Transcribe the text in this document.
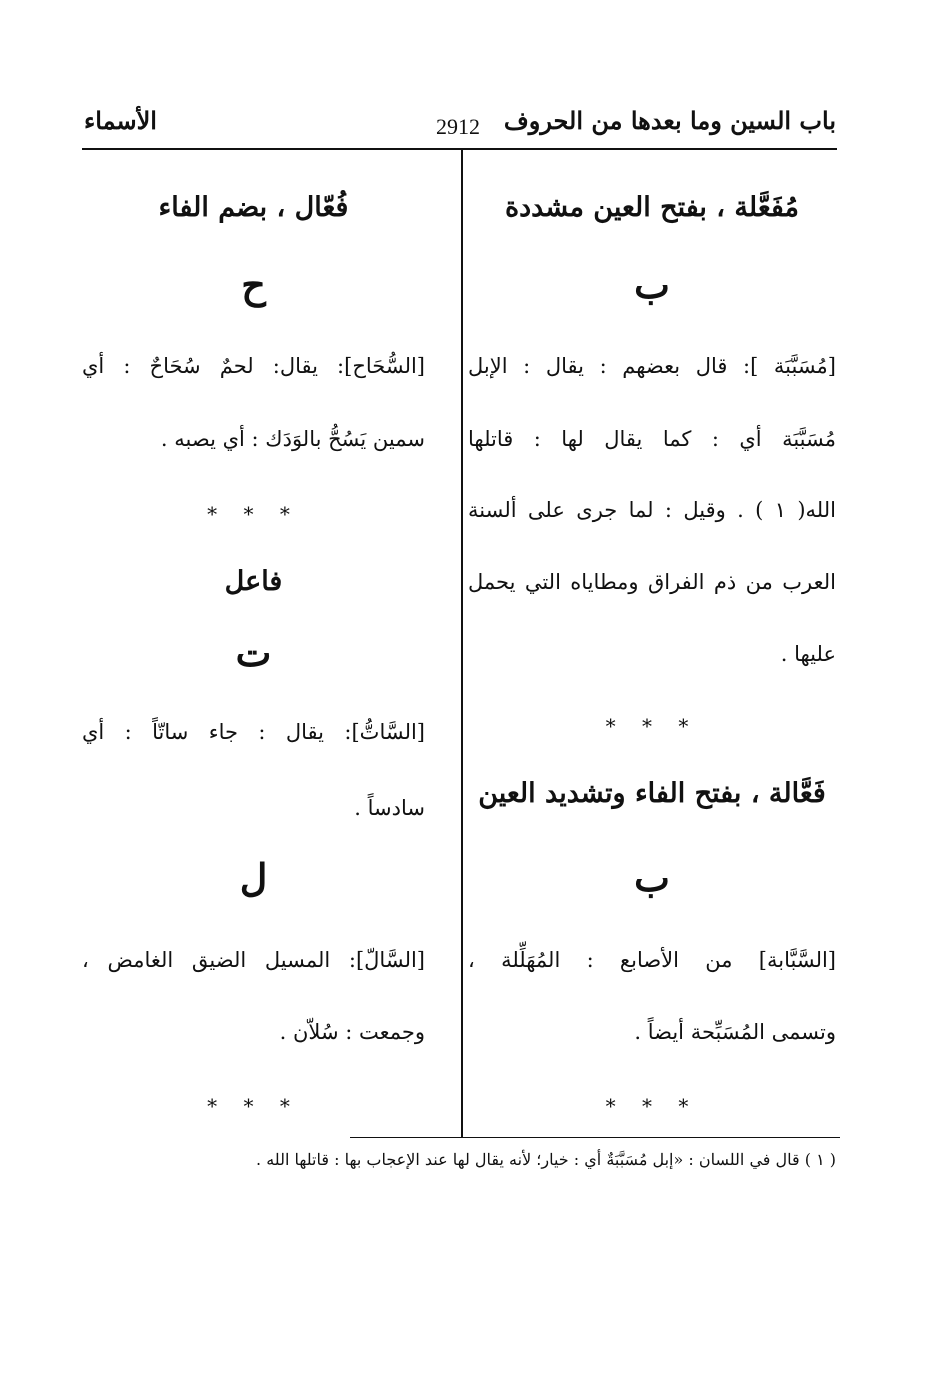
باب السين وما بعدها من الحروف
2912
الأسماء
مُفَعَّلة ، بفتح العين مشددة
ب
[مُسَبَّبَة ]: قال بعضهم : يقال : الإبل
مُسَبَّبَة أي : كما يقال لها : قاتلها
الله( ١ ) . وقيل : لما جرى على ألسنة
العرب من ذم الفراق ومطاياه التي يحمل
عليها .
* * *
فَعَّالة ، بفتح الفاء وتشديد العين
ب
[السَّبَّابة] من الأصابع : المُهَلِّلة ،
وتسمى المُسَبِّحة أيضاً .
* * *
فُعّال ، بضم الفاء
ح
[السُّحَاح]: يقال: لحمٌ سُحَاحٌ : أي
سمين يَسُحُّ بالوَدَك : أي يصبه .
* * *
فاعل
ت
[السَّاتُّ]: يقال : جاء ساتّاً : أي
سادساً .
ل
[السَّالّ]: المسيل الضيق الغامض ،
وجمعت : سُلاّن .
* * *
( ١ ) قال في اللسان : «إبل مُسَبَّبَةٌ أي : خيار؛ لأنه يقال لها عند الإعجاب بها : قاتلها الله .
